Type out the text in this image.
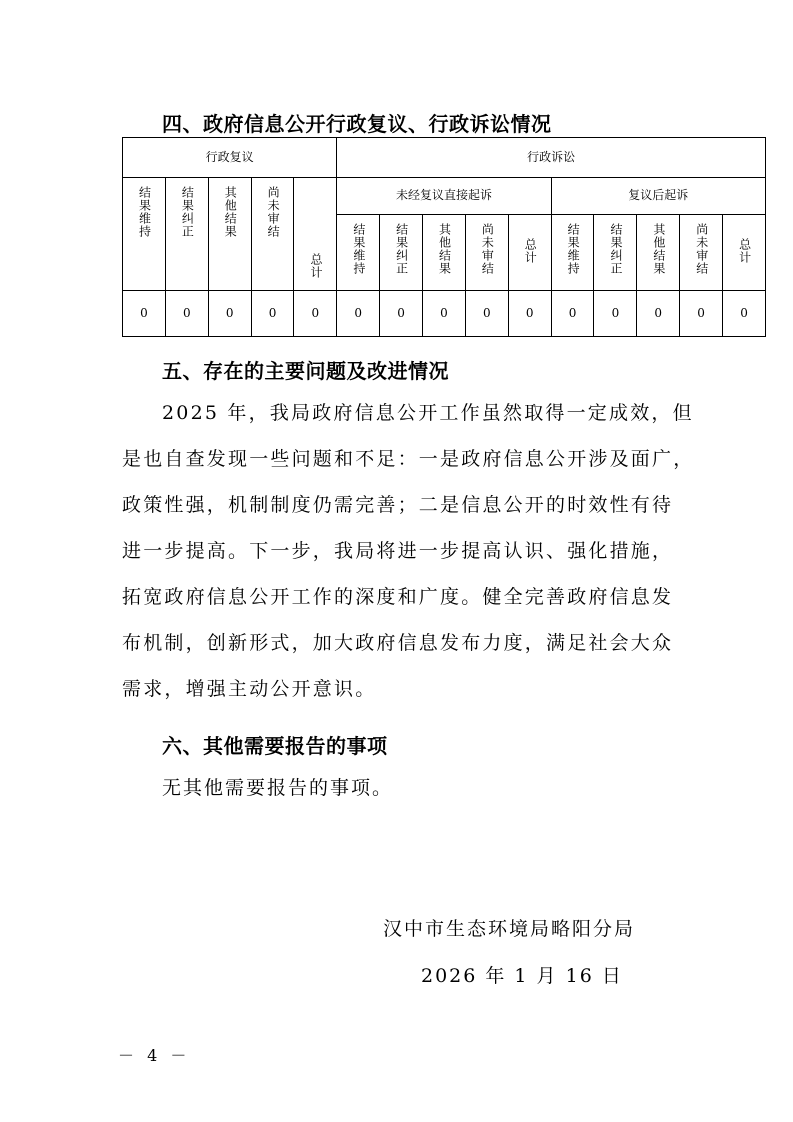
四、政府信息公开行政复议、行政诉讼情况
行政复议					行政诉讼									
结果维持	结果纠正	其他结果	尚未审结	总计	未经复议直接起诉					复议后起诉				
					结果维持	结果纠正	其他结果	尚未审结	总计	结果维持	结果纠正	其他结果	尚未审结	总计
0	0	0	0	0	0	0	0	0	0	0	0	0	0	0
五、存在的主要问题及改进情况
2025 年，我局政府信息公开工作虽然取得一定成效，但
是也自查发现一些问题和不足：一是政府信息公开涉及面广，
政策性强，机制制度仍需完善；二是信息公开的时效性有待
进一步提高。下一步，我局将进一步提高认识、强化措施，
拓宽政府信息公开工作的深度和广度。健全完善政府信息发
布机制，创新形式，加大政府信息发布力度，满足社会大众
需求，增强主动公开意识。
六、其他需要报告的事项
无其他需要报告的事项。
汉中市生态环境局略阳分局
2026 年 1 月 16 日
－ 4 －
